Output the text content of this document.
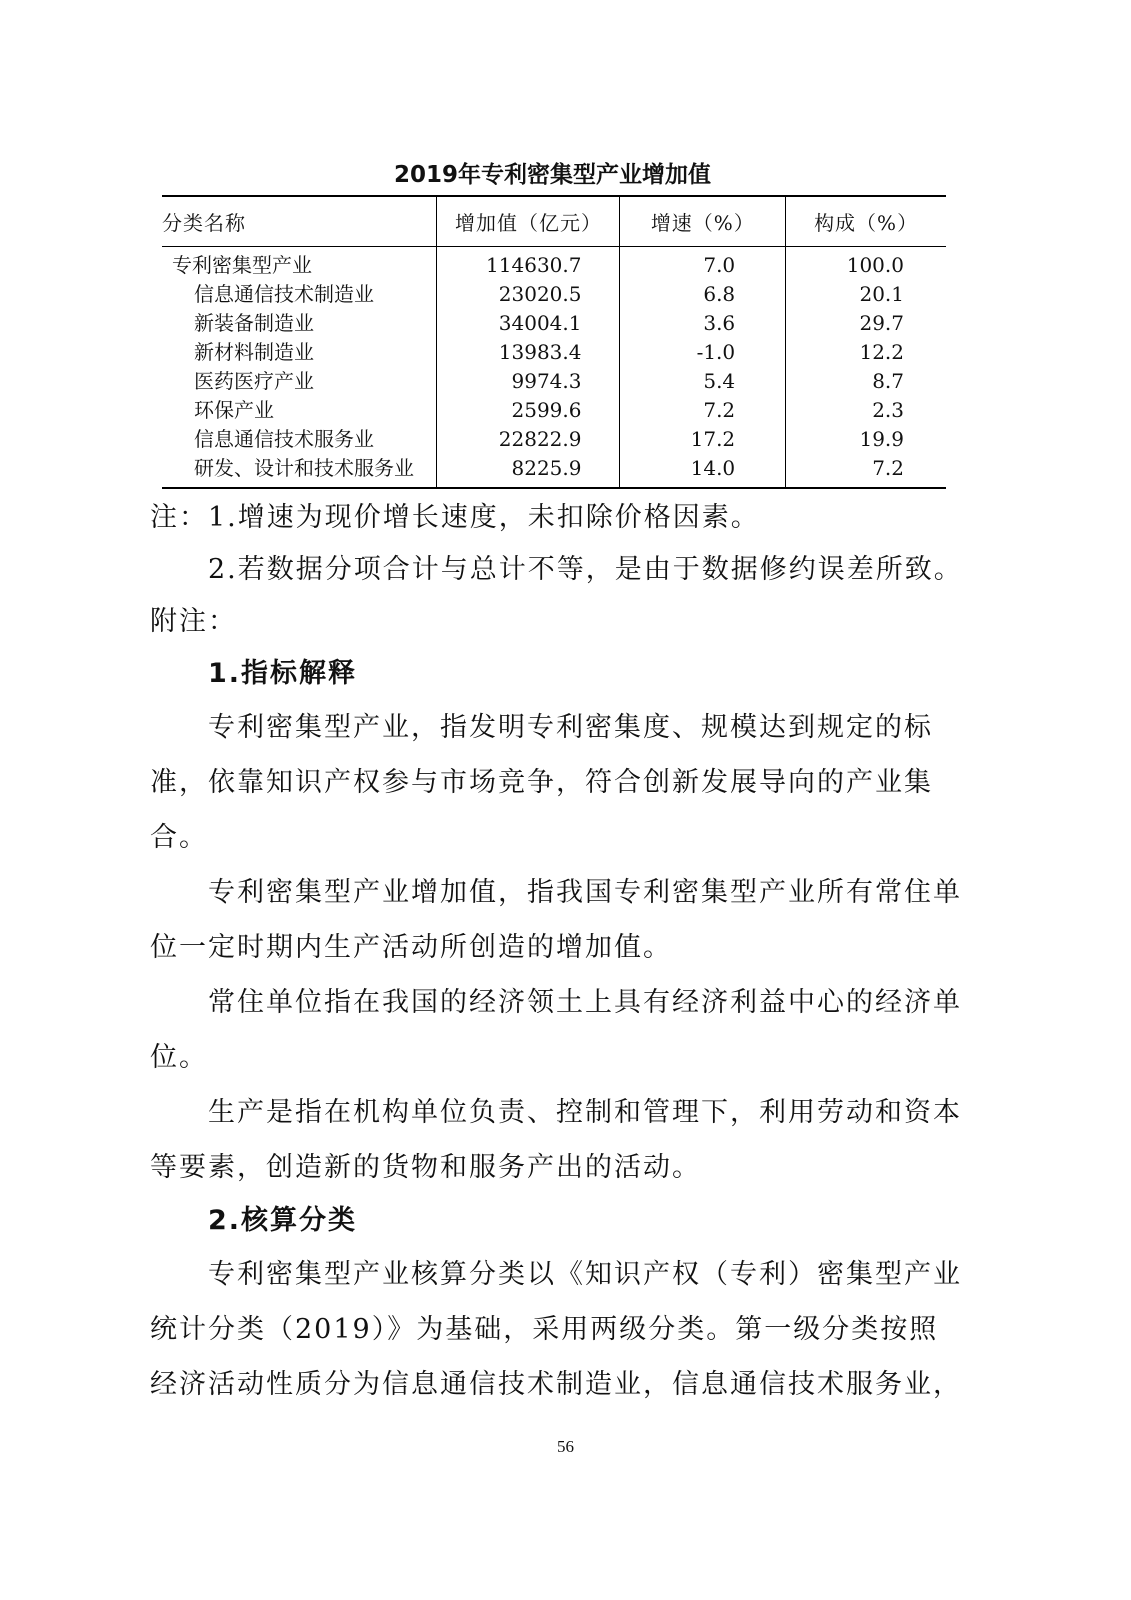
2019年专利密集型产业增加值
分类名称	增加值（亿元）	增速（%）	构成（%）
专利密集型产业	114630.7	7.0	100.0
信息通信技术制造业	23020.5	6.8	20.1
新装备制造业	34004.1	3.6	29.7
新材料制造业	13983.4	-1.0	12.2
医药医疗产业	9974.3	5.4	8.7
环保产业	2599.6	7.2	2.3
信息通信技术服务业	22822.9	17.2	19.9
研发、设计和技术服务业	8225.9	14.0	7.2
注：1.增速为现价增长速度，未扣除价格因素。
2.若数据分项合计与总计不等，是由于数据修约误差所致。
附注：
1.指标解释
专利密集型产业，指发明专利密集度、规模达到规定的标准，依靠知识产权参与市场竞争，符合创新发展导向的产业集合。
专利密集型产业增加值，指我国专利密集型产业所有常住单位一定时期内生产活动所创造的增加值。
常住单位指在我国的经济领土上具有经济利益中心的经济单位。
生产是指在机构单位负责、控制和管理下，利用劳动和资本等要素，创造新的货物和服务产出的活动。
2.核算分类
专利密集型产业核算分类以《知识产权（专利）密集型产业统计分类（2019）》为基础，采用两级分类。第一级分类按照经济活动性质分为信息通信技术制造业，信息通信技术服务业，
56
